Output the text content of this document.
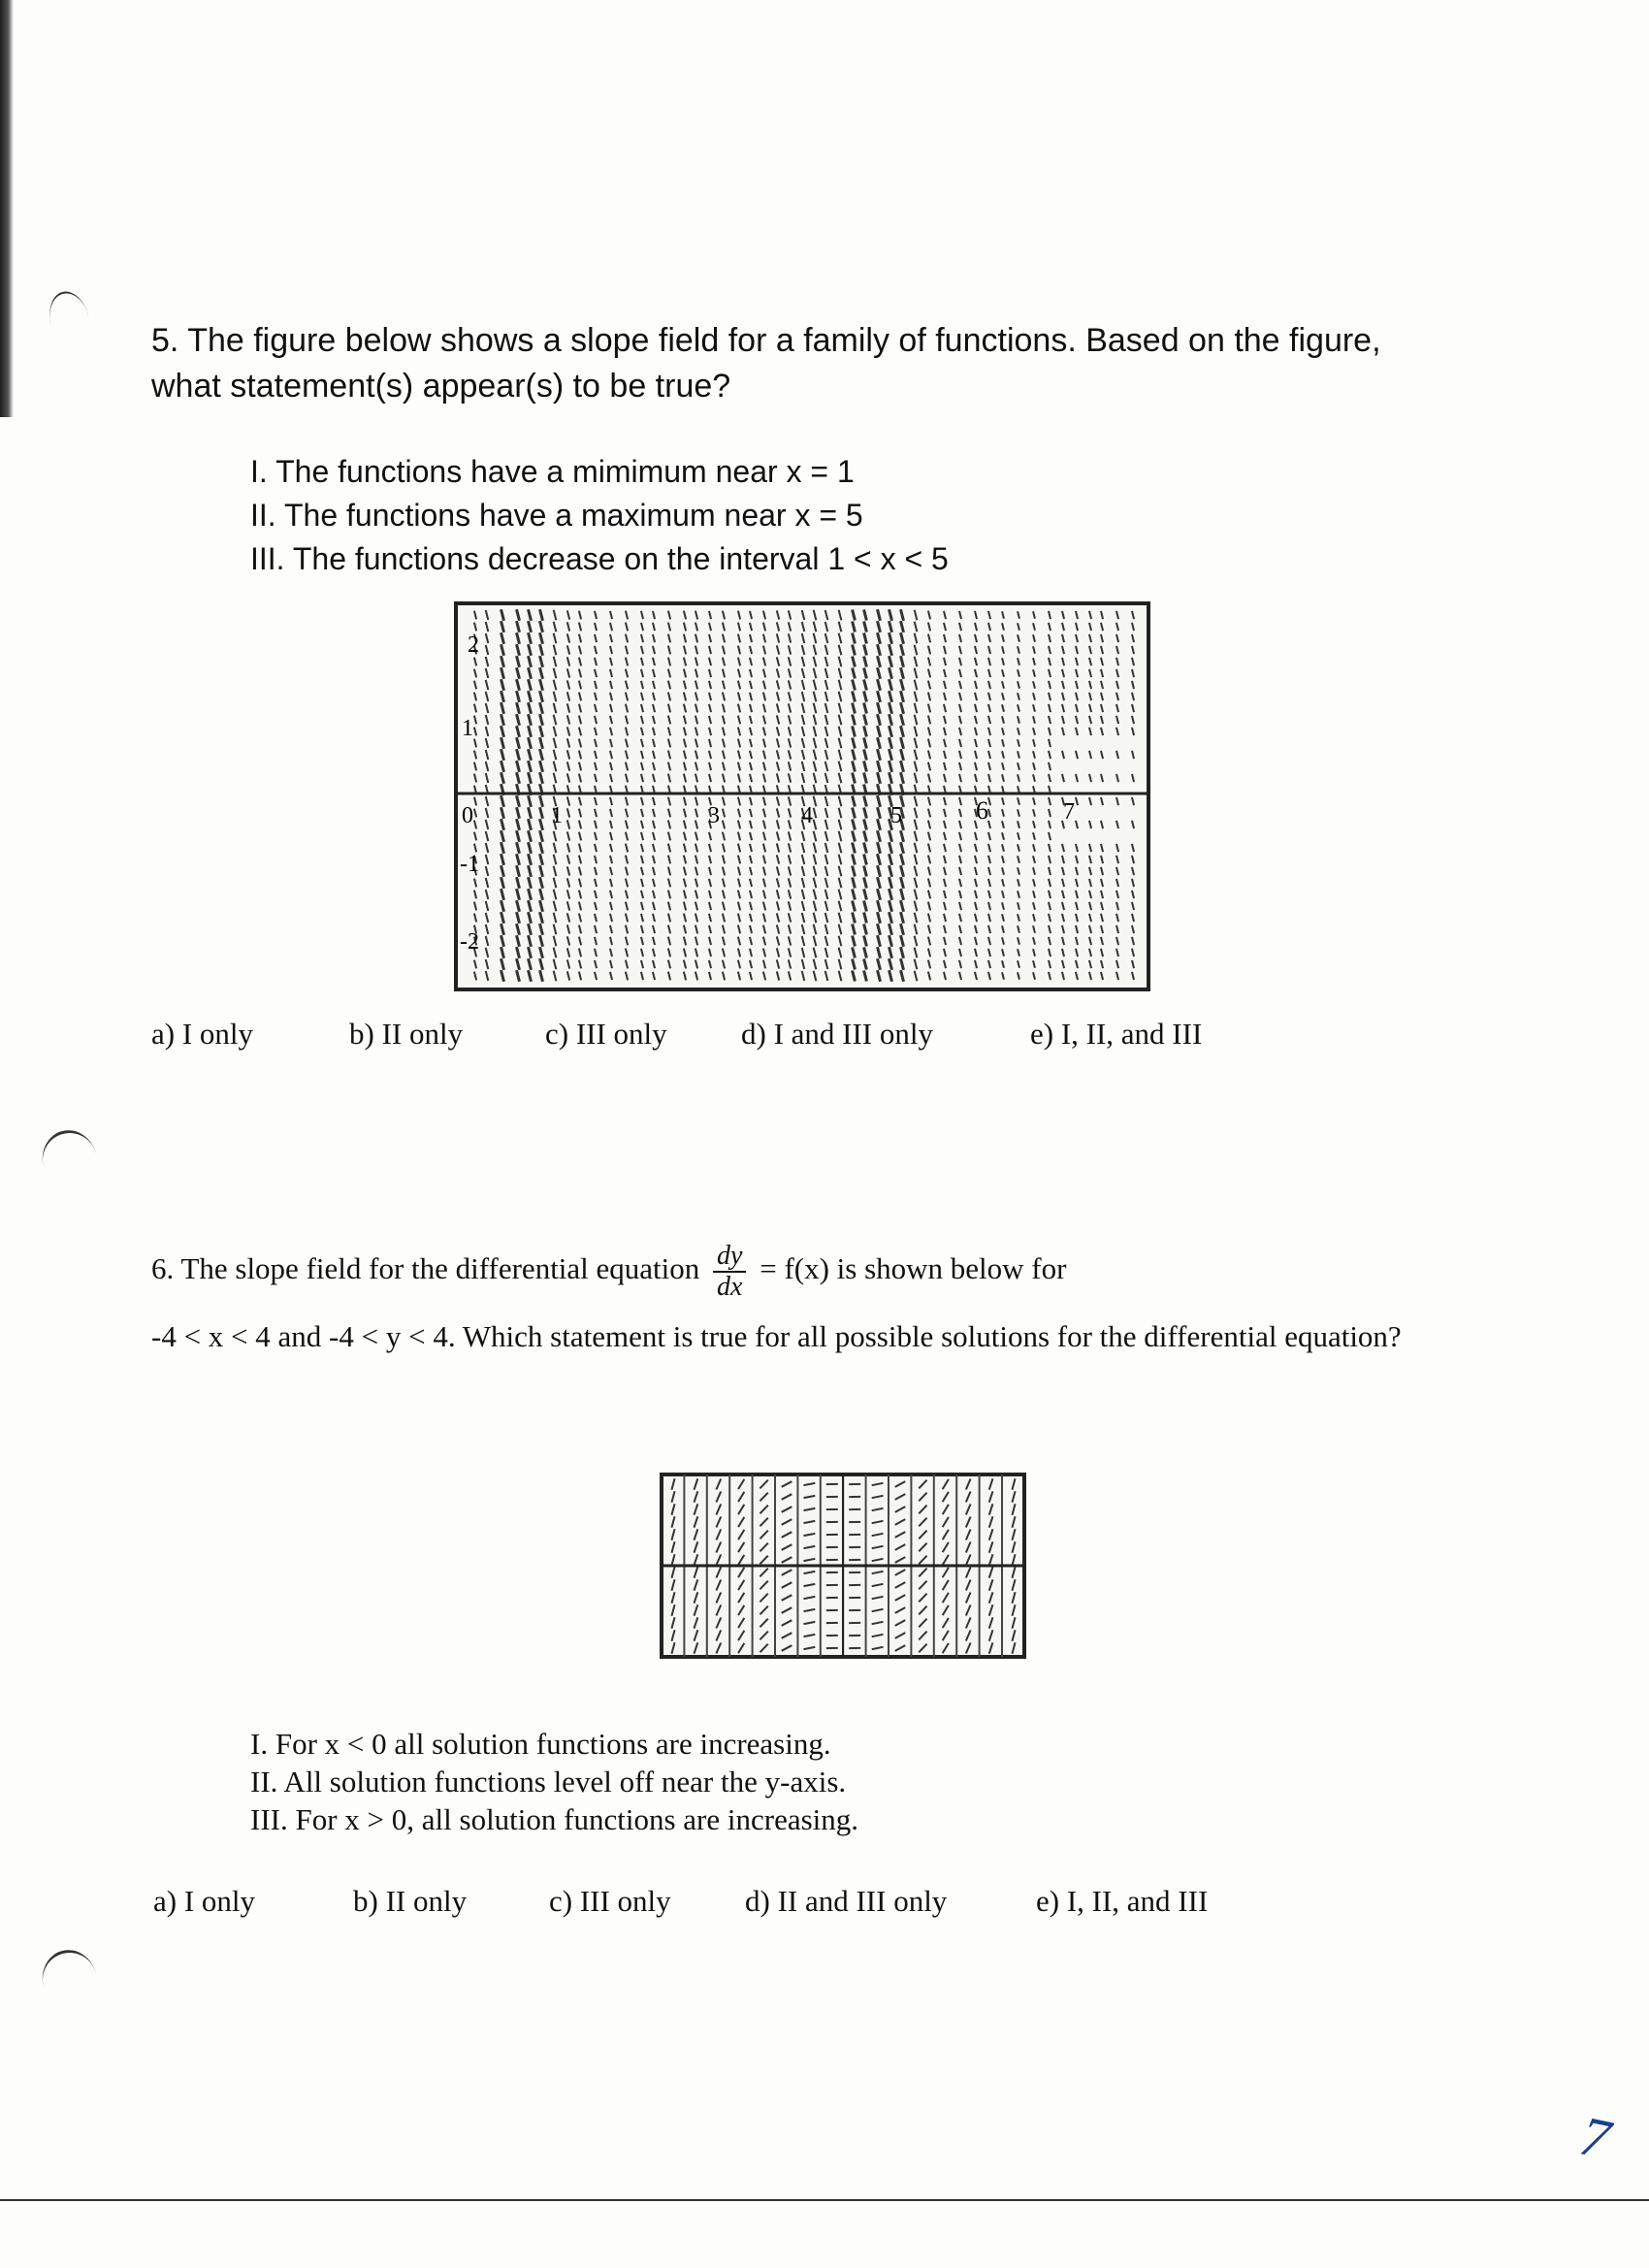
5. The figure below shows a slope field for a family of functions. Based on the figure, what statement(s) appear(s) to be true?

I. The functions have a mimimum near x = 1
II. The functions have a maximum near x = 5
III. The functions decrease on the interval 1 < x < 5
2
0
1
-1
-2
1	3	4	5	6	7
a) I only	b) II only	c) III only	d) I and III only	e) I, II, and III
6. The slope field for the differential equation $\frac{dy}{dx} = f(x)$ is shown below for

-4 < x < 4 and -4 < y < 4. Which statement is true for all possible solutions for the differential equation?

I. For x < 0 all solution functions are increasing.
II. All solution functions level off near the y-axis.
III. For x > 0, all solution functions are increasing.
a) I only	b) II only	c) III only	d) II and III only	e) I, II, and III
7
